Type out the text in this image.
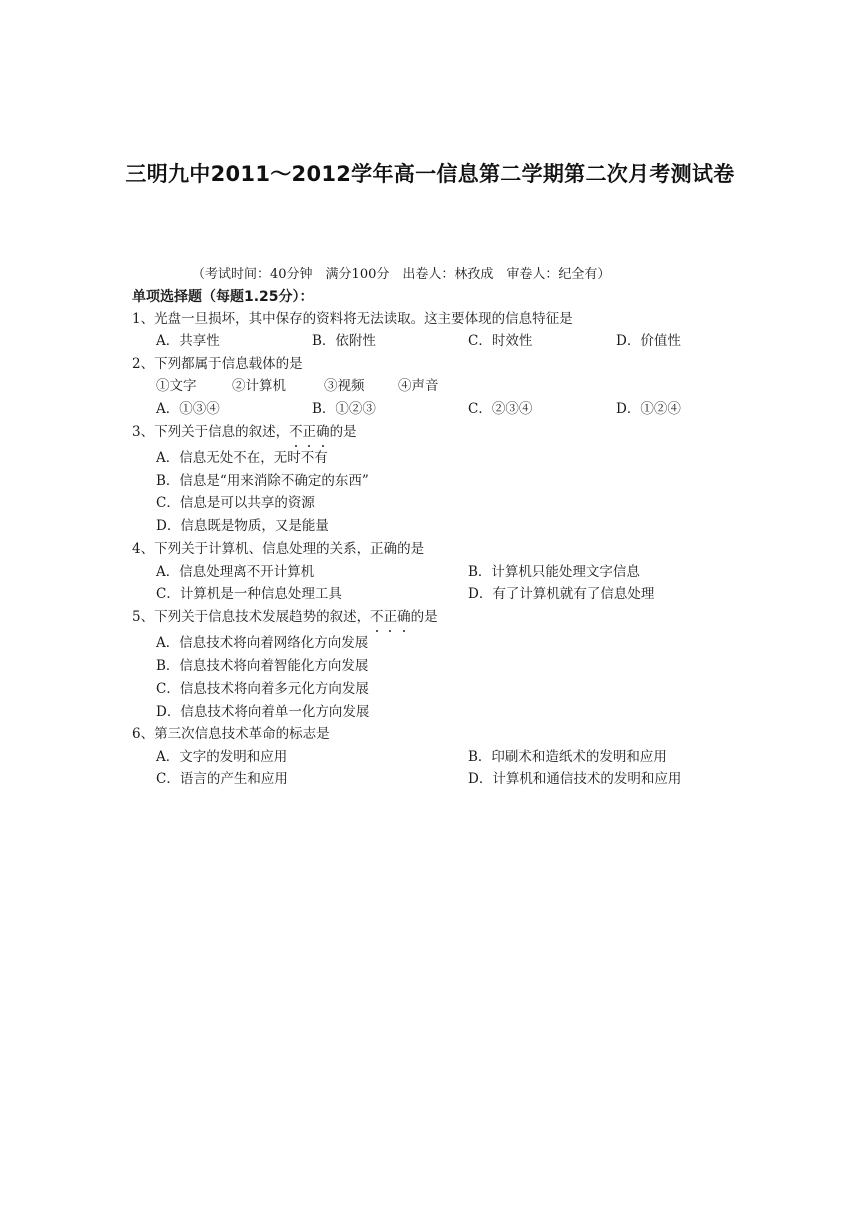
三明九中2011～2012学年高一信息第二学期第二次月考测试卷
（考试时间：40分钟　满分100分　出卷人：林孜成　审卷人：纪全有）
单项选择题（每题1.25分）：
1、光盘一旦损坏，其中保存的资料将无法读取。这主要体现的信息特征是
A．共享性	B．依附性	C．时效性	D．价值性
2、下列都属于信息载体的是
①文字	②计算机	③视频 ④声音
A．①③④	B．①②③	C．②③④	D．①②④
3、下列关于信息的叙述，不正确的是
A．信息无处不在，无时不有
B．信息是“用来消除不确定的东西”
C．信息是可以共享的资源
D．信息既是物质，又是能量
4、下列关于计算机、信息处理的关系，正确的是
A．信息处理离不开计算机	B．计算机只能处理文字信息
C．计算机是一种信息处理工具	D．有了计算机就有了信息处理
5、下列关于信息技术发展趋势的叙述，不正确的是
A．信息技术将向着网络化方向发展
B．信息技术将向着智能化方向发展
C．信息技术将向着多元化方向发展
D．信息技术将向着单一化方向发展
6、第三次信息技术革命的标志是
A．文字的发明和应用	B．印刷术和造纸术的发明和应用
C．语言的产生和应用	D．计算机和通信技术的发明和应用
